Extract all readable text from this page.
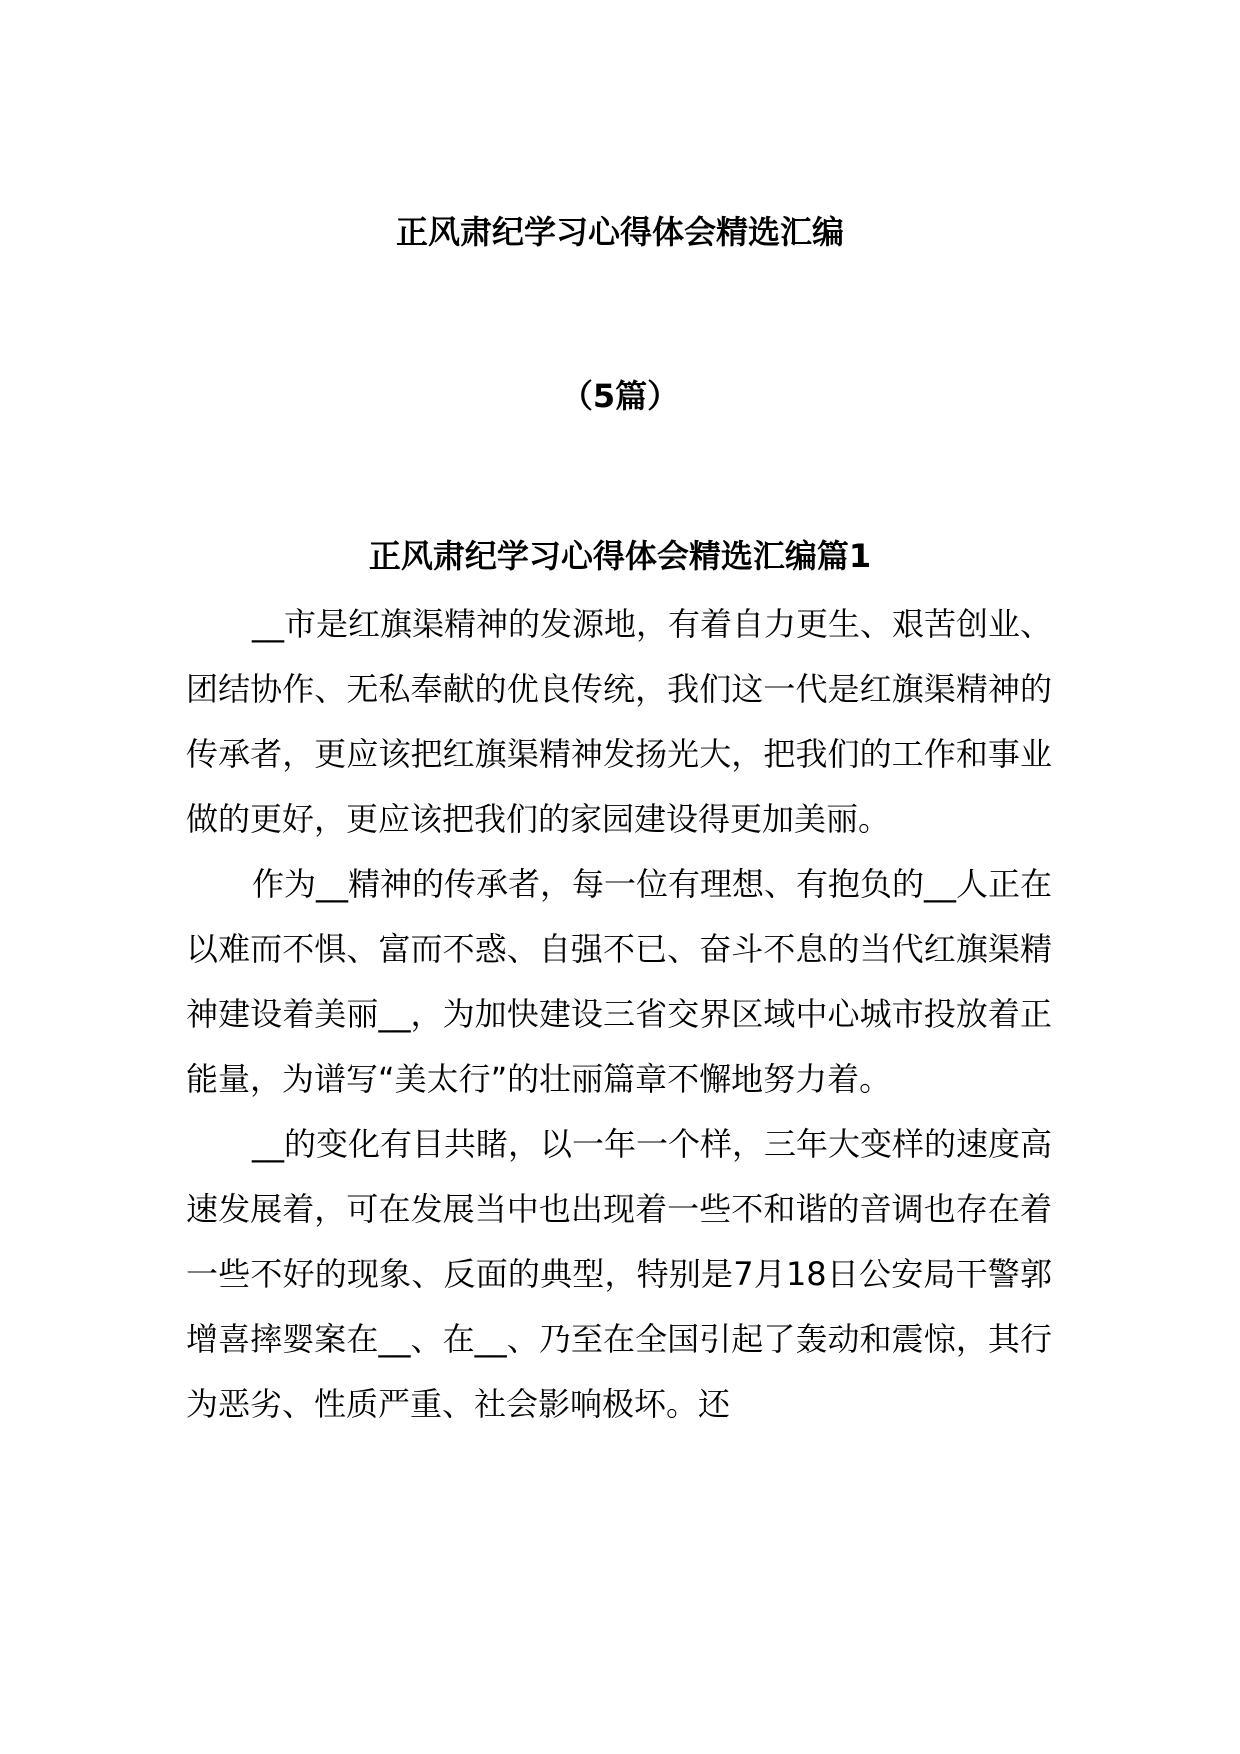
正风肃纪学习心得体会精选汇编
（5篇）
正风肃纪学习心得体会精选汇编篇1

__市是红旗渠精神的发源地，有着自力更生、艰苦创业、团结协作、无私奉献的优良传统，我们这一代是红旗渠精神的传承者，更应该把红旗渠精神发扬光大，把我们的工作和事业做的更好，更应该把我们的家园建设得更加美丽。

作为__精神的传承者，每一位有理想、有抱负的__人正在以难而不惧、富而不惑、自强不已、奋斗不息的当代红旗渠精神建设着美丽__，为加快建设三省交界区域中心城市投放着正能量，为谱写“美太行”的壮丽篇章不懈地努力着。

__的变化有目共睹，以一年一个样，三年大变样的速度高速发展着，可在发展当中也出现着一些不和谐的音调也存在着一些不好的现象、反面的典型，特别是7月18日公安局干警郭增喜摔婴案在__、在__、乃至在全国引起了轰动和震惊，其行为恶劣、性质严重、社会影响极坏。还
